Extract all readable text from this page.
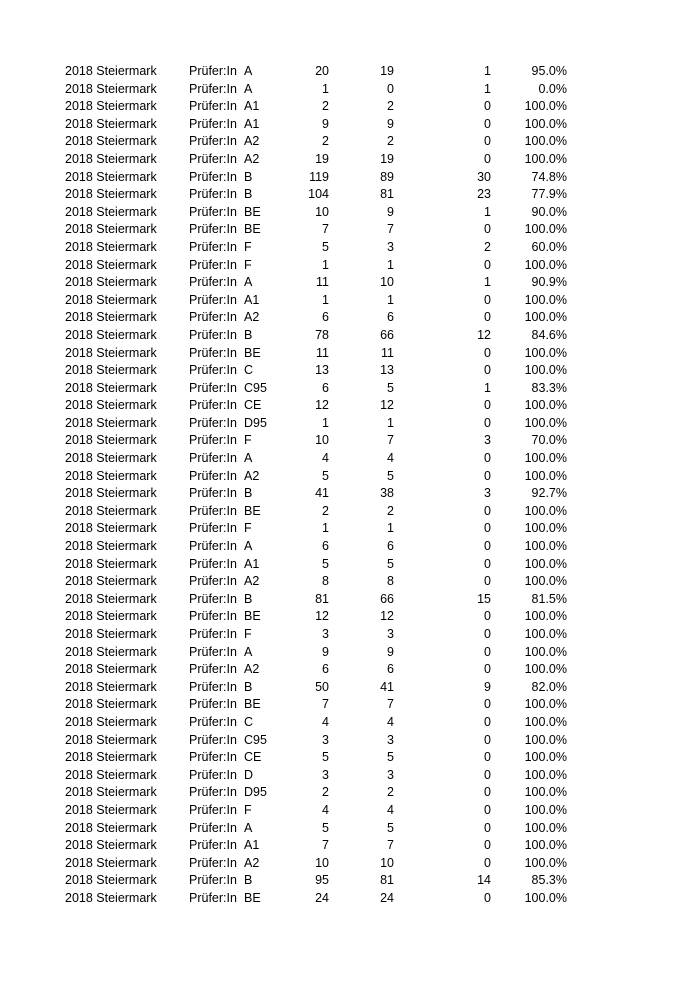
2018 Steiermark	Prüfer:In A	20	19	1	95.0%
2018 Steiermark	Prüfer:In A	1	0	1	0.0%
2018 Steiermark	Prüfer:In A1	2	2	0	100.0%
2018 Steiermark	Prüfer:In A1	9	9	0	100.0%
2018 Steiermark	Prüfer:In A2	2	2	0	100.0%
2018 Steiermark	Prüfer:In A2	19	19	0	100.0%
2018 Steiermark	Prüfer:In B	119	89	30	74.8%
2018 Steiermark	Prüfer:In B	104	81	23	77.9%
2018 Steiermark	Prüfer:In BE	10	9	1	90.0%
2018 Steiermark	Prüfer:In BE	7	7	0	100.0%
2018 Steiermark	Prüfer:In F	5	3	2	60.0%
2018 Steiermark	Prüfer:In F	1	1	0	100.0%
2018 Steiermark	Prüfer:In A	11	10	1	90.9%
2018 Steiermark	Prüfer:In A1	1	1	0	100.0%
2018 Steiermark	Prüfer:In A2	6	6	0	100.0%
2018 Steiermark	Prüfer:In B	78	66	12	84.6%
2018 Steiermark	Prüfer:In BE	11	11	0	100.0%
2018 Steiermark	Prüfer:In C	13	13	0	100.0%
2018 Steiermark	Prüfer:In C95	6	5	1	83.3%
2018 Steiermark	Prüfer:In CE	12	12	0	100.0%
2018 Steiermark	Prüfer:In D95	1	1	0	100.0%
2018 Steiermark	Prüfer:In F	10	7	3	70.0%
2018 Steiermark	Prüfer:In A	4	4	0	100.0%
2018 Steiermark	Prüfer:In A2	5	5	0	100.0%
2018 Steiermark	Prüfer:In B	41	38	3	92.7%
2018 Steiermark	Prüfer:In BE	2	2	0	100.0%
2018 Steiermark	Prüfer:In F	1	1	0	100.0%
2018 Steiermark	Prüfer:In A	6	6	0	100.0%
2018 Steiermark	Prüfer:In A1	5	5	0	100.0%
2018 Steiermark	Prüfer:In A2	8	8	0	100.0%
2018 Steiermark	Prüfer:In B	81	66	15	81.5%
2018 Steiermark	Prüfer:In BE	12	12	0	100.0%
2018 Steiermark	Prüfer:In F	3	3	0	100.0%
2018 Steiermark	Prüfer:In A	9	9	0	100.0%
2018 Steiermark	Prüfer:In A2	6	6	0	100.0%
2018 Steiermark	Prüfer:In B	50	41	9	82.0%
2018 Steiermark	Prüfer:In BE	7	7	0	100.0%
2018 Steiermark	Prüfer:In C	4	4	0	100.0%
2018 Steiermark	Prüfer:In C95	3	3	0	100.0%
2018 Steiermark	Prüfer:In CE	5	5	0	100.0%
2018 Steiermark	Prüfer:In D	3	3	0	100.0%
2018 Steiermark	Prüfer:In D95	2	2	0	100.0%
2018 Steiermark	Prüfer:In F	4	4	0	100.0%
2018 Steiermark	Prüfer:In A	5	5	0	100.0%
2018 Steiermark	Prüfer:In A1	7	7	0	100.0%
2018 Steiermark	Prüfer:In A2	10	10	0	100.0%
2018 Steiermark	Prüfer:In B	95	81	14	85.3%
2018 Steiermark	Prüfer:In BE	24	24	0	100.0%
